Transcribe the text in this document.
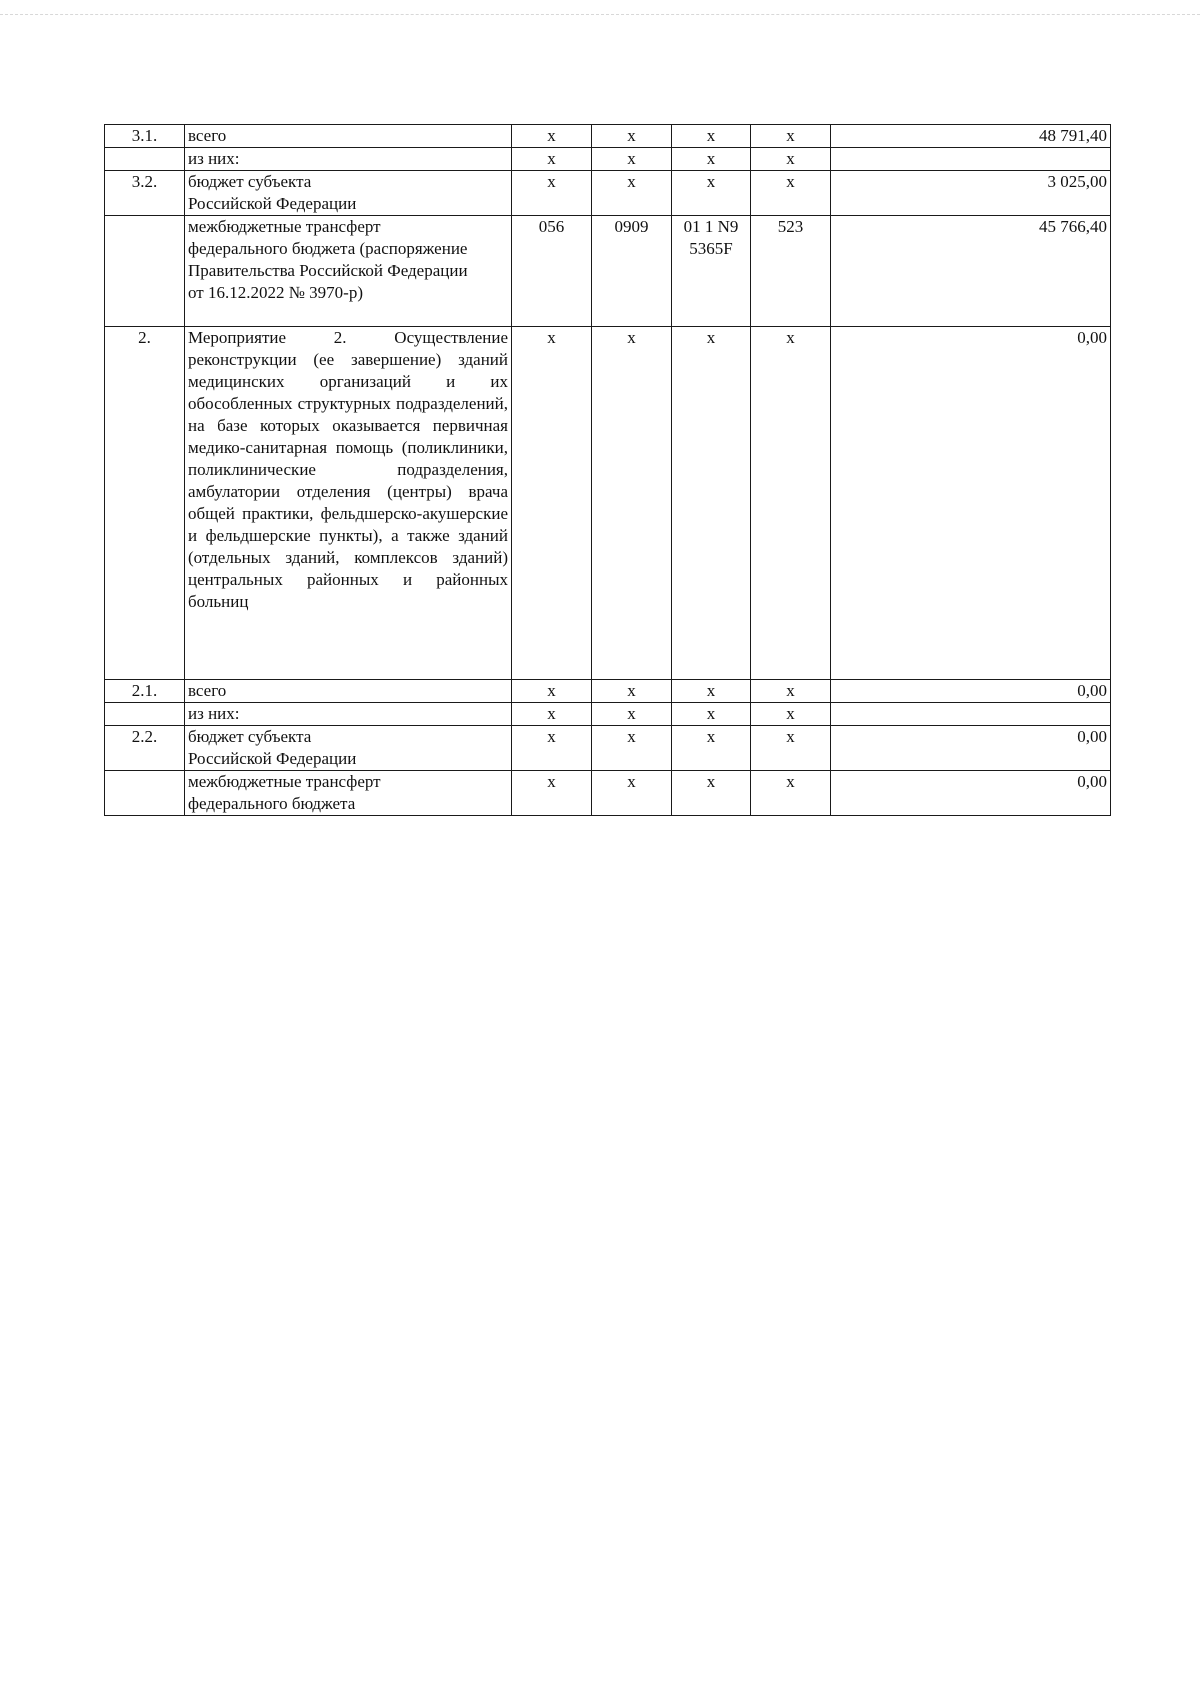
3.1.	всего	x	x	x	x	48 791,40
	из них:	x	x	x	x	
3.2.	бюджет субъекта
Российской Федерации	x	x	x	x	3 025,00
	межбюджетные трансферт
федерального бюджета (распоряжение
Правительства Российской Федерации
от 16.12.2022 № 3970-р)	056	0909	01 1 N9
5365F	523	45 766,40
2.	Мероприятие 2. Осуществление реконструкции (ее завершение) зданий медицинских организаций и их обособленных структурных подразделений, на базе которых оказывается первичная медико-санитарная помощь (поликлиники, поликлинические подразделения, амбулатории отделения (центры) врача общей практики, фельдшерско-акушерские и фельдшерские пункты), а также зданий (отдельных зданий, комплексов зданий) центральных районных и районных больниц	x	x	x	x	0,00
2.1.	всего	x	x	x	x	0,00
	из них:	x	x	x	x	
2.2.	бюджет субъекта
Российской Федерации	x	x	x	x	0,00
	межбюджетные трансферт
федерального бюджета	x	x	x	x	0,00
